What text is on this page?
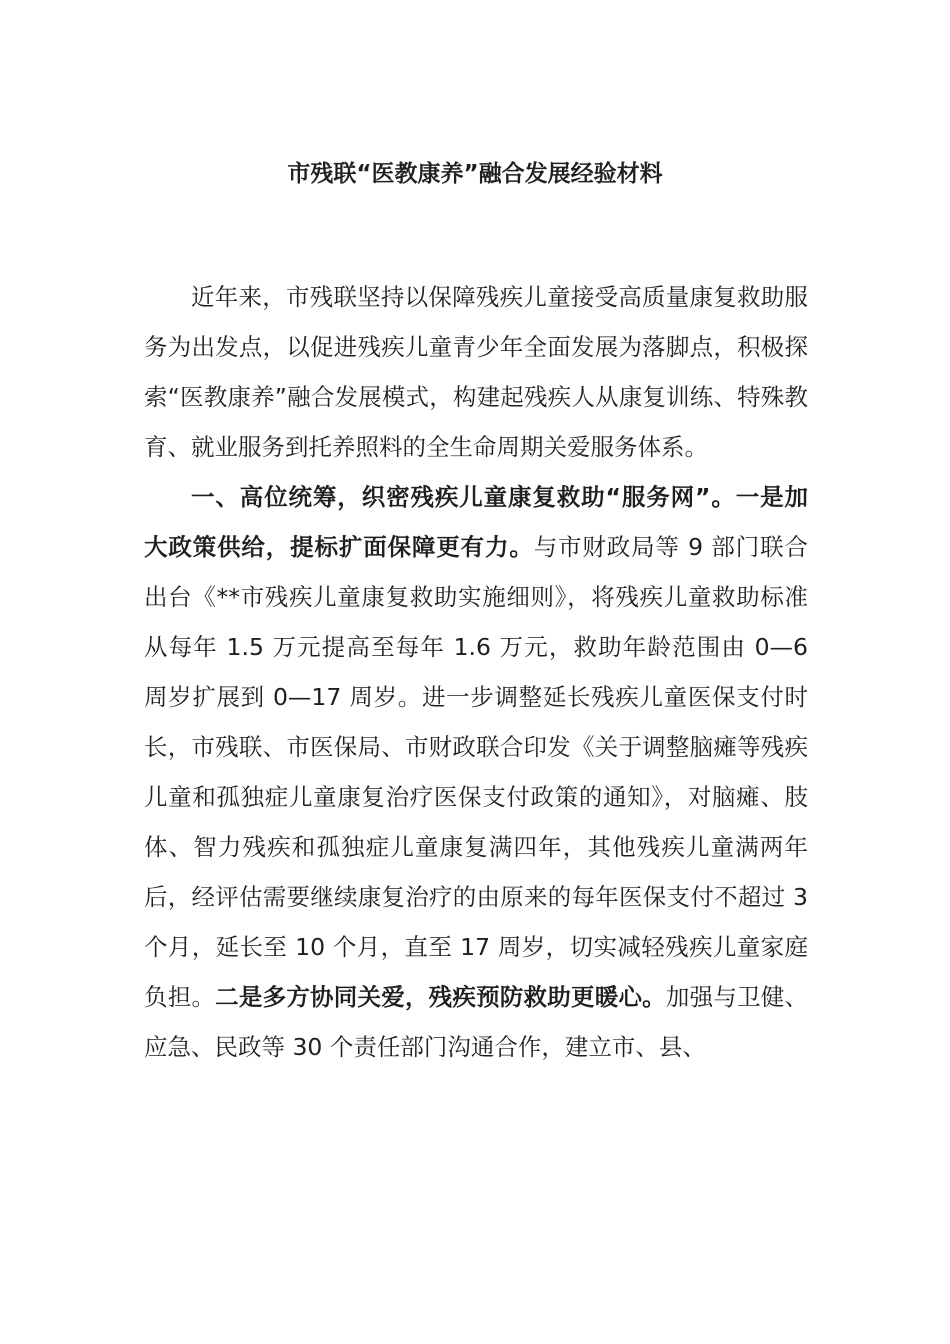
市残联“医教康养”融合发展经验材料

近年来，市残联坚持以保障残疾儿童接受高质量康复救助服务为出发点，以促进残疾儿童青少年全面发展为落脚点，积极探索“医教康养”融合发展模式，构建起残疾人从康复训练、特殊教育、就业服务到托养照料的全生命周期关爱服务体系。

一、高位统筹，织密残疾儿童康复救助“服务网”。一是加大政策供给，提标扩面保障更有力。与市财政局等 9 部门联合出台《**市残疾儿童康复救助实施细则》，将残疾儿童救助标准从每年 1.5 万元提高至每年 1.6 万元，救助年龄范围由 0—6 周岁扩展到 0—17 周岁。进一步调整延长残疾儿童医保支付时长，市残联、市医保局、市财政联合印发《关于调整脑瘫等残疾儿童和孤独症儿童康复治疗医保支付政策的通知》，对脑瘫、肢体、智力残疾和孤独症儿童康复满四年，其他残疾儿童满两年后，经评估需要继续康复治疗的由原来的每年医保支付不超过 3 个月，延长至 10 个月，直至 17 周岁，切实减轻残疾儿童家庭负担。二是多方协同关爱，残疾预防救助更暖心。加强与卫健、应急、民政等 30 个责任部门沟通合作，建立市、县、
